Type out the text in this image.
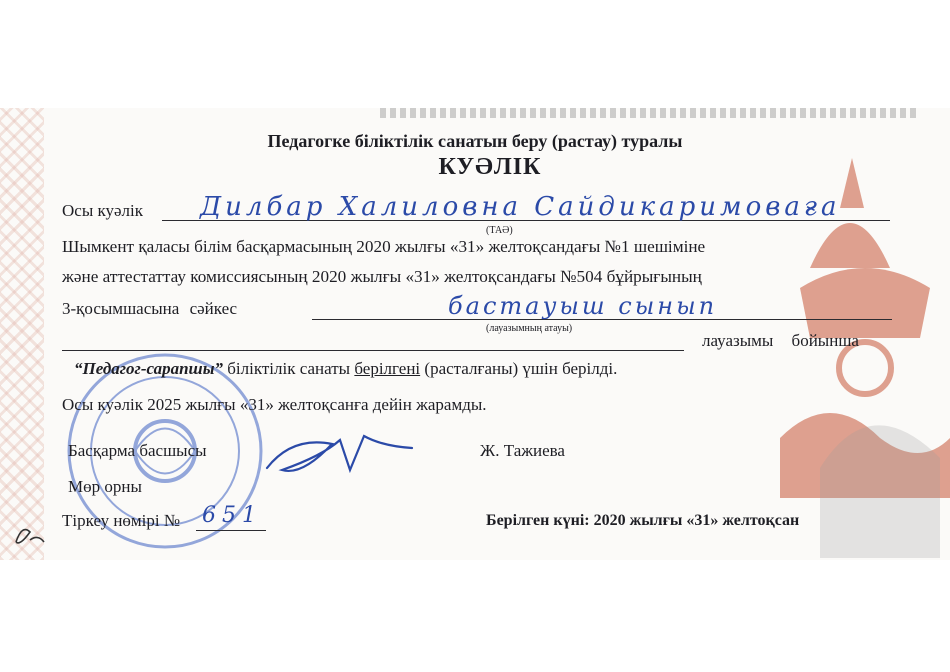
Педагогке біліктілік санатын беру (растау) туралы
КУӘЛІК
Осы куәлік Дилбар Халиловна Сайдикаримоваға
(ТАӘ)
Шымкент қаласы білім басқармасының 2020 жылғы «31» желтоқсандағы №1 шешіміне
және аттестаттау комиссиясының 2020 жылғы «31» желтоқсандағы №504 бұйрығының
3-қосымшасына сәйкес	бастауыш сынып
(лауазымның атауы)
лауазымы бойынша
“Педагог-сарапшы” біліктілік санаты берілгені (расталғаны) үшін берілді.
Осы куәлік 2025 жылғы «31» желтоқсанға дейін жарамды.
Басқарма басшысы	Ж. Тажиева
Мөр орны
Тіркеу нөмірі № 651	Берілген күні: 2020 жылғы «31» желтоқсан
